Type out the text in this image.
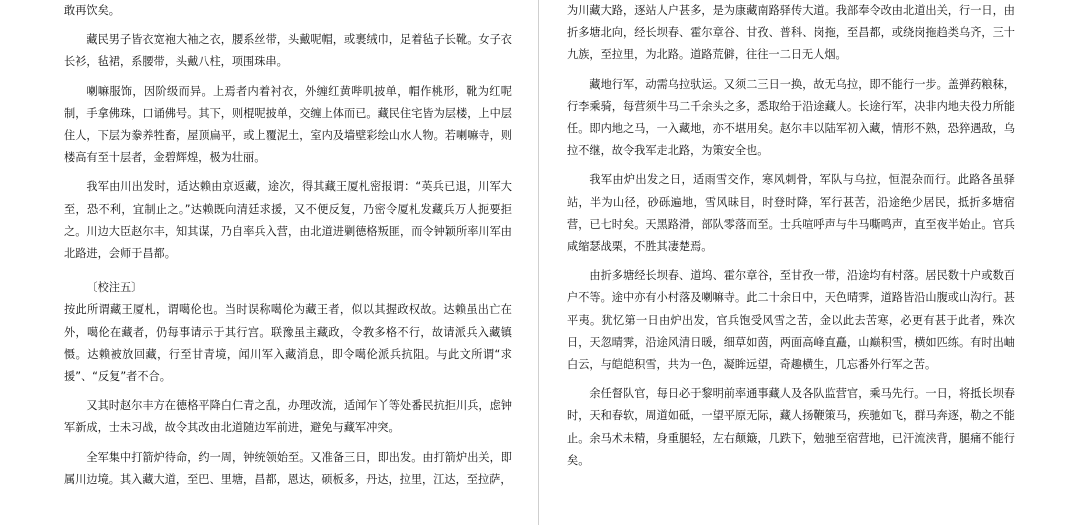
敢再饮矣。

藏民男子皆衣宽袍大袖之衣，腰系丝带，头戴呢帽，或裹绒巾，足着毡子长靴。女子衣长衫，毡裙，系腰带，头戴八柱，项围珠串。

喇嘛服饰，因阶级而异。上焉者内着衬衣，外缠红黄哔叽披单，帽作桃形，靴为红呢制，手拿佛珠，口诵佛号。其下，则棍呢披单，交缠上体而已。藏民住宅皆为层楼，上中层住人，下层为豢养牲畜，屋顶扁平，或上覆泥土，室内及墙壁彩绘山水人物。若喇嘛寺，则楼高有至十层者，金碧辉煌，极为壮丽。

我军由川出发时，适达赖由京返藏，途次，得其藏王厦札密报谓：“英兵已退，川军大至，恐不利，宜制止之。”达赖既向清廷求援，又不便反复，乃密令厦札发藏兵万人扼要拒之。川边大臣赵尔丰，知其谋，乃自率兵入营，由北道进剿德格叛匪，而令钟颖所率川军由北路进，会师于昌都。

〔校注五〕

按此所谓藏王厦札，谓噶伦也。当时误称噶伦为藏王者，似以其握政权故。达赖虽出亡在外，噶伦在藏者，仍每事请示于其行宫。联豫虽主藏政，令教多格不行，故请派兵入藏镇慑。达赖被放回藏，行至甘青境，闻川军入藏消息，即令噶伦派兵抗阻。与此文所谓“求援”、“反复”者不合。

又其时赵尔丰方在德格平降白仁青之乱，办理改流，适闻乍丫等处番民抗拒川兵，虑钟军新成，士未习战，故令其改由北道随边军前进，避免与藏军冲突。

全军集中打箭炉待命，约一周，钟统领始至。又准备三日，即出发。由打箭炉出关，即属川边境。其入藏大道，至巴、里塘，昌都，恩达，硕板多，丹达，拉里，江达，至拉萨，

为川藏大路，逐站人户甚多，是为康藏南路驿传大道。我部奉令改由北道出关，行一日，由折多塘北向，经长坝春、霍尔章谷、甘孜、普科、岗拖，至昌都，或绕岗拖趋类乌齐，三十九族，至拉里，为北路。道路荒僻，往往一二日无人烟。

藏地行军，动需乌拉驮运。又须二三日一换，故无乌拉，即不能行一步。盖弹药粮秣，行李乘骑，每营须牛马二千余头之多，悉取给于沿途藏人。长途行军，决非内地夫役力所能任。即内地之马，一入藏地，亦不堪用矣。赵尔丰以陆军初入藏，情形不熟，恐猝遇敌，乌拉不继，故令我军走北路，为策安全也。

我军由炉出发之日，适雨雪交作，寒风刺骨，军队与乌拉，恒混杂而行。此路各虽驿站，半为山径，砂砾遍地，雪风昧目，时登时降，军行甚苦，沿途绝少居民，抵折多塘宿营，已七时矣。天黑路滑，部队零落而至。士兵喧呼声与牛马嘶鸣声，直至夜半始止。官兵咸缩瑟战栗，不胜其凄楚焉。

由折多塘经长坝春、道坞、霍尔章谷，至甘孜一带，沿途均有村落。居民数十户或数百户不等。途中亦有小村落及喇嘛寺。此二十余日中，天色晴霁，道路皆沿山腹或山沟行。甚平夷。犹忆第一日由炉出发，官兵饱受风雪之苦，金以此去苦寒，必更有甚于此者，殊次日，天忽晴霁，沿途风清日暖，细草如茵，两面高峰直矗，山巅积雪，横如匹练。有时出岫白云，与皑皑积雪，共为一色，凝眸远望，奇趣横生，几忘番外行军之苦。

余任督队官，每日必于黎明前率通事藏人及各队监营官，乘马先行。一日，将抵长坝春时，天和春软，周道如砥，一望平原无际，藏人扬鞭策马，疾驰如飞，群马奔逐，勒之不能止。余马术未精，身重腿轻，左右颠簸，几跌下，勉驰至宿营地，已汗流浃背，腿痛不能行矣。
